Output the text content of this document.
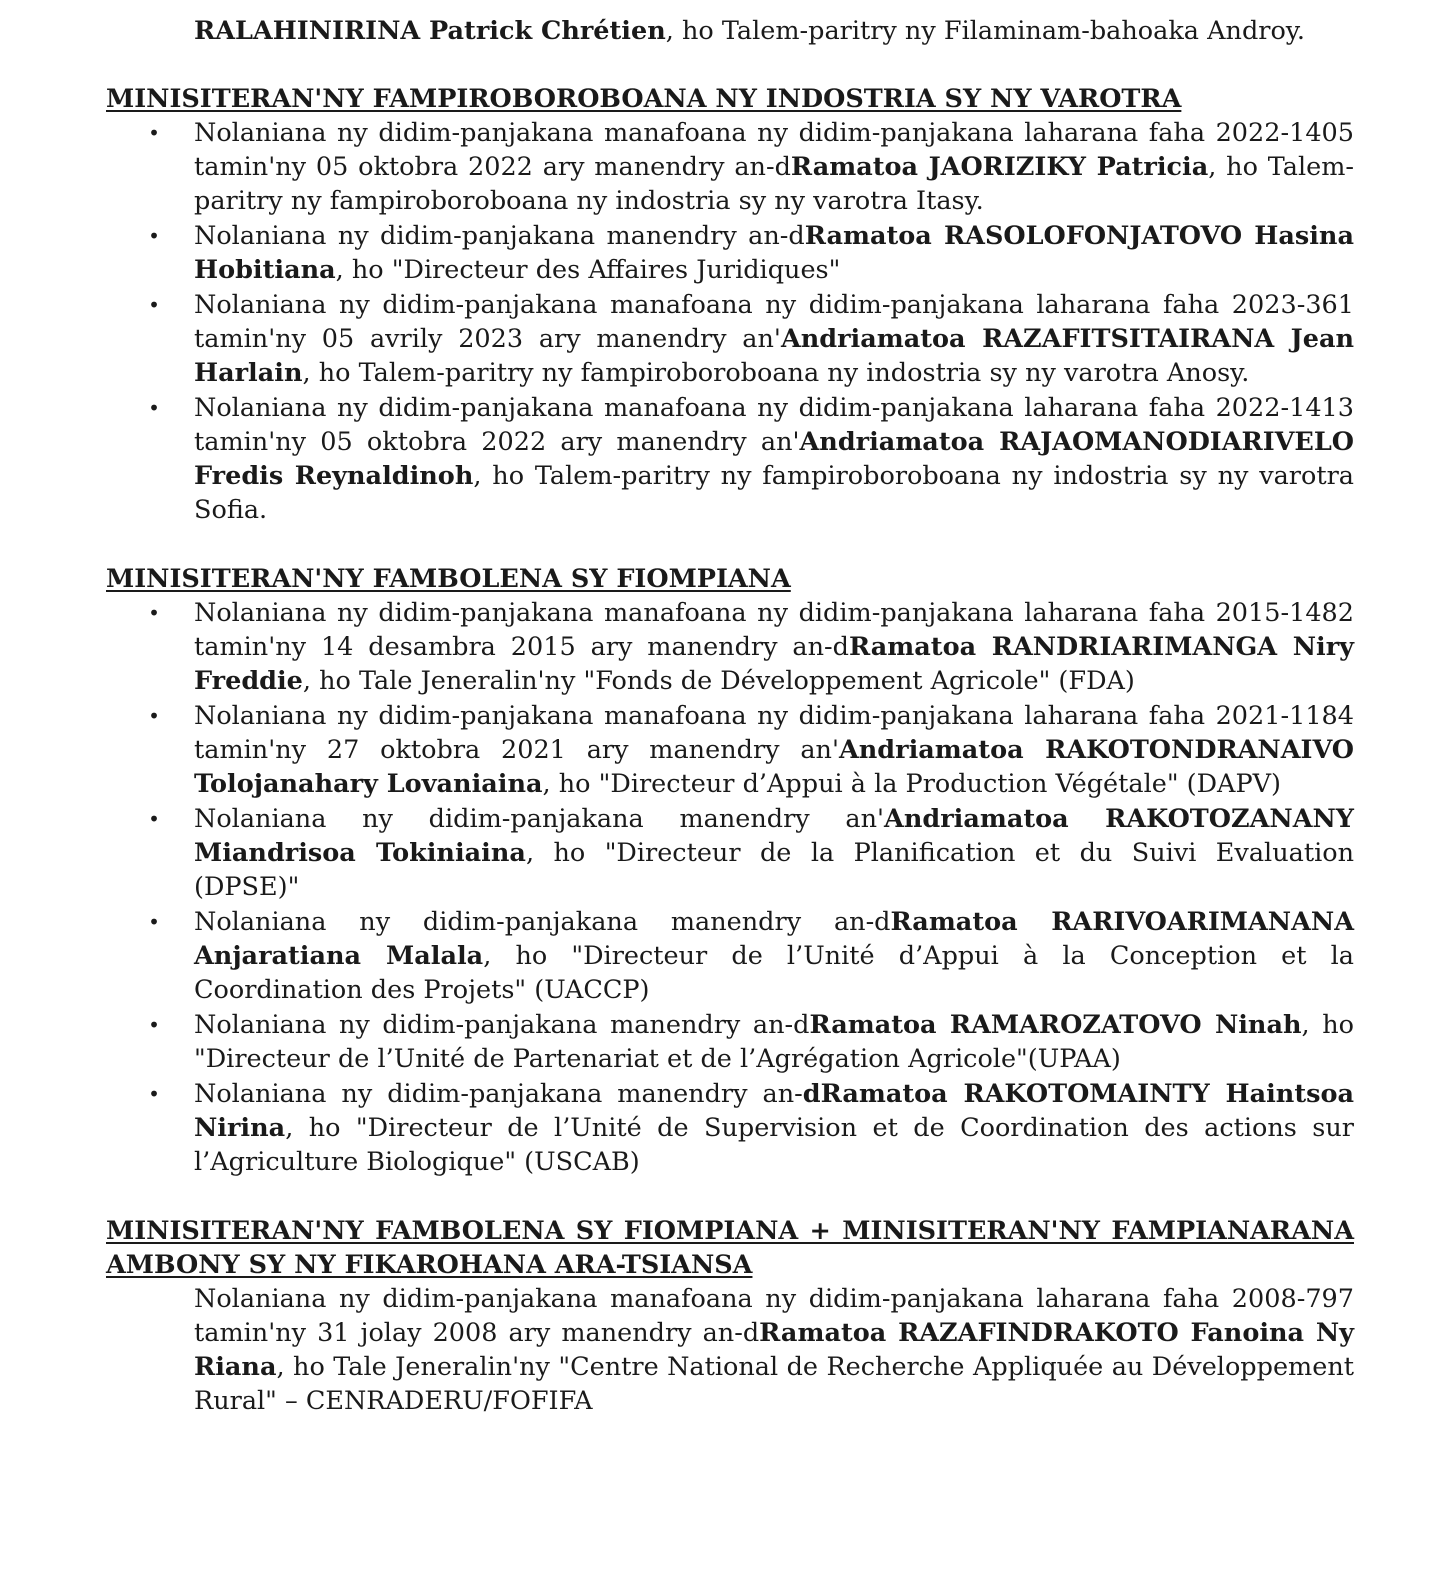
RALAHINIRINA Patrick Chrétien, ho Talem-paritry ny Filaminam-bahoaka Androy.

MINISITERAN'NY FAMPIROBOROBOANA NY INDOSTRIA SY NY VAROTRA

•
Nolaniana ny didim-panjakana manafoana ny didim-panjakana laharana faha 2022-1405 tamin'ny 05 oktobra 2022 ary manendry an-dRamatoa JAORIZIKY Patricia, ho Talem-paritry ny fampiroboroboana ny indostria sy ny varotra Itasy.
•
Nolaniana ny didim-panjakana manendry an-dRamatoa RASOLOFONJATOVO Hasina Hobitiana, ho "Directeur des Affaires Juridiques"
•
Nolaniana ny didim-panjakana manafoana ny didim-panjakana laharana faha 2023-361 tamin'ny 05 avrily 2023 ary manendry an'Andriamatoa RAZAFITSITAIRANA Jean Harlain, ho Talem-paritry ny fampiroboroboana ny indostria sy ny varotra Anosy.
•
Nolaniana ny didim-panjakana manafoana ny didim-panjakana laharana faha 2022-1413 tamin'ny 05 oktobra 2022 ary manendry an'Andriamatoa RAJAOMANODIARIVELO Fredis Reynaldinoh, ho Talem-paritry ny fampiroboroboana ny indostria sy ny varotra Sofia.

MINISITERAN'NY FAMBOLENA SY FIOMPIANA

•
Nolaniana ny didim-panjakana manafoana ny didim-panjakana laharana faha 2015-1482 tamin'ny 14 desambra 2015 ary manendry an-dRamatoa RANDRIARIMANGA Niry Freddie, ho Tale Jeneralin'ny "Fonds de Développement Agricole" (FDA)
•
Nolaniana ny didim-panjakana manafoana ny didim-panjakana laharana faha 2021-1184 tamin'ny 27 oktobra 2021 ary manendry an'Andriamatoa RAKOTONDRANAIVO Tolojanahary Lovaniaina, ho "Directeur d’Appui à la Production Végétale" (DAPV)
•
Nolaniana ny didim-panjakana manendry an'Andriamatoa RAKOTOZANANY Miandrisoa Tokiniaina, ho "Directeur de la Planification et du Suivi Evaluation (DPSE)"
•
Nolaniana ny didim-panjakana manendry an-dRamatoa RARIVOARIMANANA Anjaratiana Malala, ho "Directeur de l’Unité d’Appui à la Conception et la Coordination des Projets" (UACCP)
•
Nolaniana ny didim-panjakana manendry an-dRamatoa RAMAROZATOVO Ninah, ho "Directeur de l’Unité de Partenariat et de l’Agrégation Agricole"(UPAA)
•
Nolaniana ny didim-panjakana manendry an-dRamatoa RAKOTOMAINTY Haintsoa Nirina, ho "Directeur de l’Unité de Supervision et de Coordination des actions sur l’Agriculture Biologique" (USCAB)

MINISITERAN'NY FAMBOLENA SY FIOMPIANA + MINISITERAN'NY FAMPIANARANA AMBONY SY NY FIKAROHANA ARA-TSIANSA

Nolaniana ny didim-panjakana manafoana ny didim-panjakana laharana faha 2008-797 tamin'ny 31 jolay 2008 ary manendry an-dRamatoa RAZAFINDRAKOTO Fanoina Ny Riana, ho Tale Jeneralin'ny "Centre National de Recherche Appliquée au Développement Rural" – CENRADERU/FOFIFA
